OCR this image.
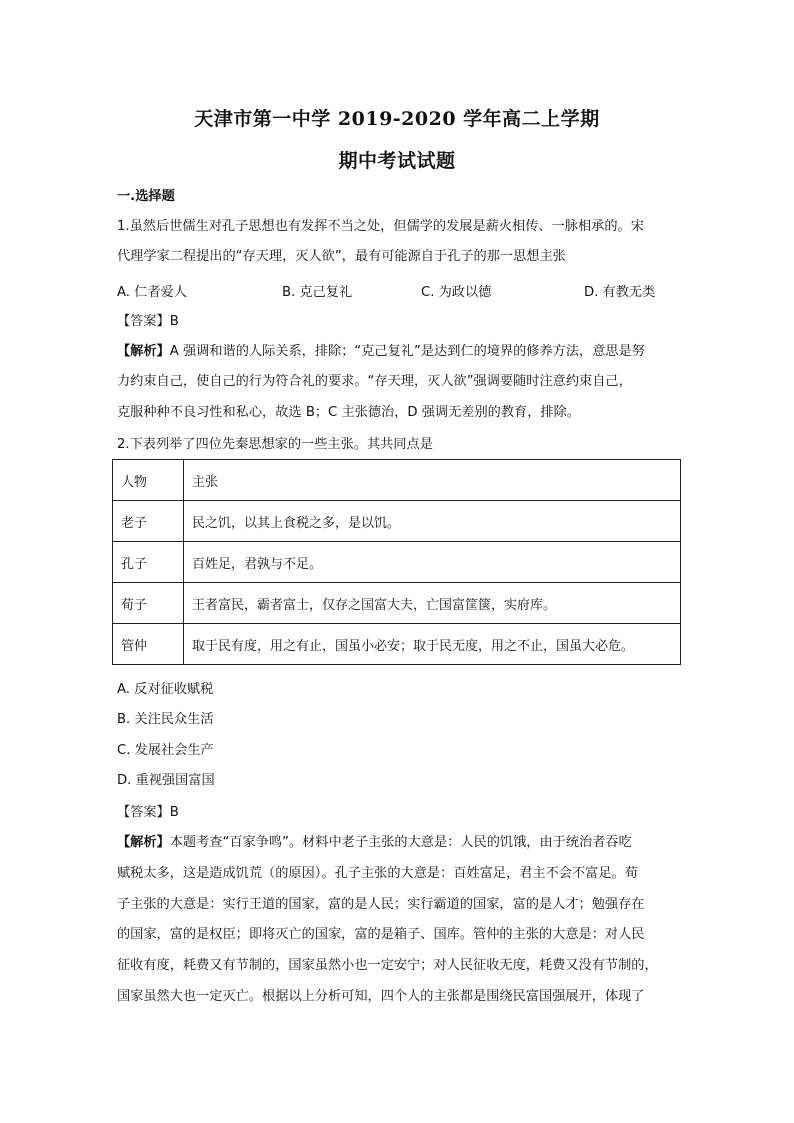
天津市第一中学 2019-2020 学年高二上学期
期中考试试题
一.选择题
1.虽然后世儒生对孔子思想也有发挥不当之处，但儒学的发展是薪火相传、一脉相承的。宋
代理学家二程提出的“存天理，灭人欲”，最有可能源自于孔子的那一思想主张
A. 仁者爱人	B. 克己复礼	C. 为政以德	D. 有教无类
【答案】B
【解析】A 强调和谐的人际关系，排除；“克己复礼”是达到仁的境界的修养方法，意思是努
力约束自己，使自己的行为符合礼的要求。“存天理，灭人欲”强调要随时注意约束自己，
克服种种不良习性和私心，故选 B；C 主张德治，D 强调无差别的教育，排除。
2.下表列举了四位先秦思想家的一些主张。其共同点是
人物	主张
老子	民之饥，以其上食税之多，是以饥。
孔子	百姓足，君孰与不足。
荀子	王者富民，霸者富士，仅存之国富大夫，亡国富筐箧，实府库。
管仲	取于民有度，用之有止，国虽小必安；取于民无度，用之不止，国虽大必危。
A. 反对征收赋税
B. 关注民众生活
C. 发展社会生产
D. 重视强国富国
【答案】B
【解析】本题考查“百家争鸣”。材料中老子主张的大意是：人民的饥饿，由于统治者吞吃
赋税太多，这是造成饥荒（的原因）。孔子主张的大意是：百姓富足，君主不会不富足。荀
子主张的大意是：实行王道的国家，富的是人民；实行霸道的国家，富的是人才；勉强存在
的国家，富的是权臣；即将灭亡的国家，富的是箱子、国库。管仲的主张的大意是：对人民
征收有度，耗费又有节制的，国家虽然小也一定安宁；对人民征收无度，耗费又没有节制的，
国家虽然大也一定灭亡。根据以上分析可知，四个人的主张都是围绕民富国强展开，体现了
